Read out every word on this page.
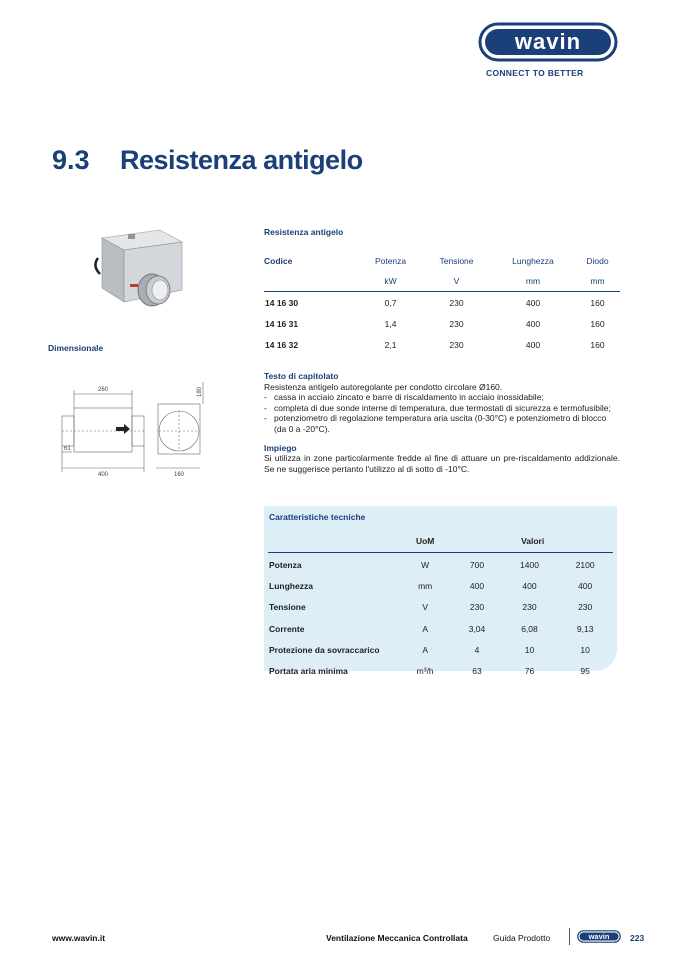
wavin
CONNECT TO BETTER
9.3 Resistenza antigelo
Dimensionale
260	180
61
400	160
Resistenza antigelo
Codice	Potenza	Tensione	Lunghezza	Diodo
	kW	V	mm	mm
14 16 30	0,7	230	400	160
14 16 31	1,4	230	400	160
14 16 32	2,1	230	400	160
Testo di capitolato
Resistenza antigelo autoregolante per condotto circolare Ø160.
- cassa in acciaio zincato e barre di riscaldamento in acciaio inossidabile;
- completa di due sonde interne di temperatura, due termostati di sicurezza e termofusibile;
- potenziometro di regolazione temperatura aria uscita (0-30°C) e potenziometro di blocco (da 0 a -20°C).
Impiego
Si utilizza in zone particolarmente fredde al fine di attuare un pre-riscaldamento addizionale. Se ne suggerisce pertanto l'utilizzo al di sotto di -10°C.
Caratteristiche tecniche
	UoM	Valori		
Potenza	W	700	1400	2100
Lunghezza	mm	400	400	400
Tensione	V	230	230	230
Corrente	A	3,04	6,08	9,13
Protezione da sovraccarico	A	4	10	10
Portata aria minima	m³/h	63	76	95
www.wavin.it	Ventilazione Meccanica Controllata	Guida Prodotto	wavin 223
